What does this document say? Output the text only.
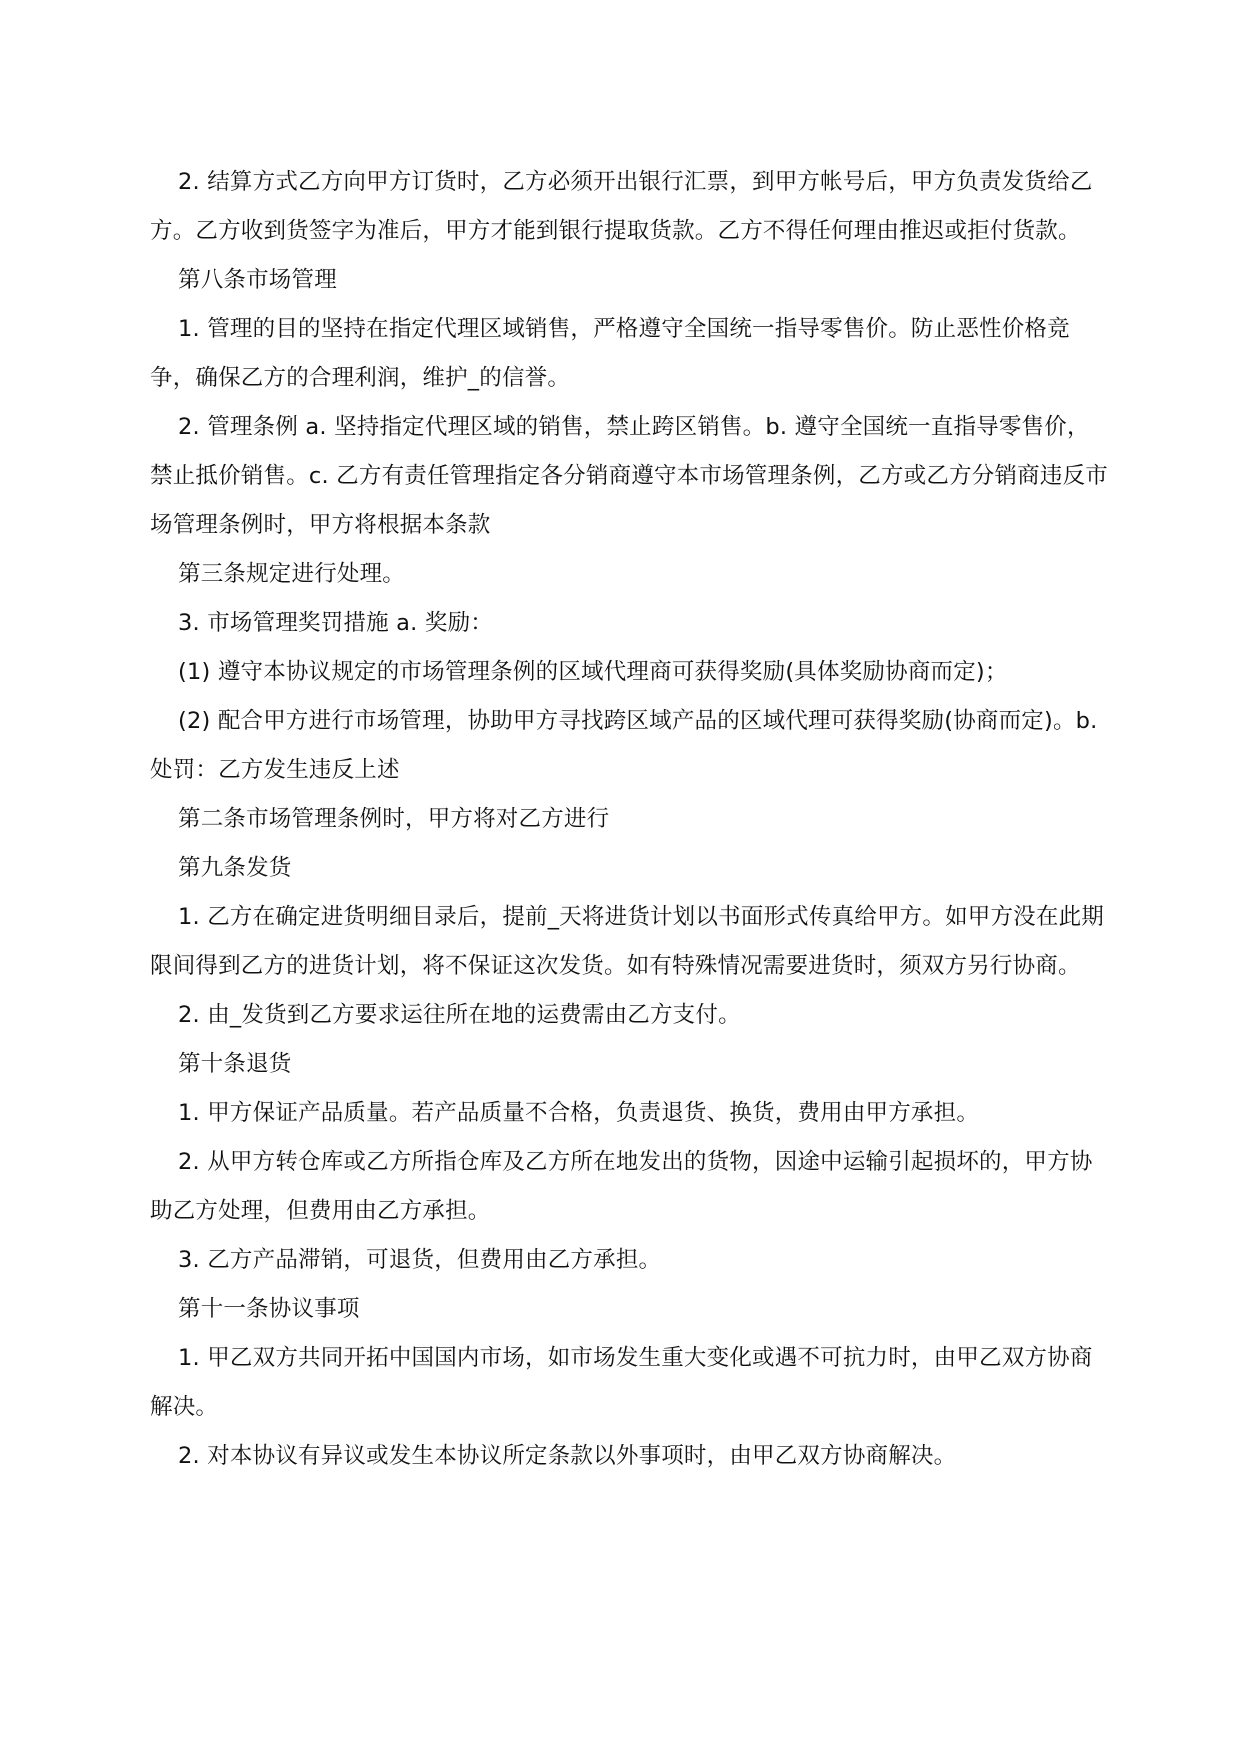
2. 结算方式乙方向甲方订货时，乙方必须开出银行汇票，到甲方帐号后，甲方负责发货给乙方。乙方收到货签字为准后，甲方才能到银行提取货款。乙方不得任何理由推迟或拒付货款。

第八条市场管理

1. 管理的目的坚持在指定代理区域销售，严格遵守全国统一指导零售价。防止恶性价格竞争，确保乙方的合理利润，维护_的信誉。

2. 管理条例 a. 坚持指定代理区域的销售，禁止跨区销售。b. 遵守全国统一直指导零售价，禁止抵价销售。c. 乙方有责任管理指定各分销商遵守本市场管理条例，乙方或乙方分销商违反市场管理条例时，甲方将根据本条款

第三条规定进行处理。

3. 市场管理奖罚措施 a. 奖励：

(1) 遵守本协议规定的市场管理条例的区域代理商可获得奖励(具体奖励协商而定)；

(2) 配合甲方进行市场管理，协助甲方寻找跨区域产品的区域代理可获得奖励(协商而定)。b. 处罚：乙方发生违反上述

第二条市场管理条例时，甲方将对乙方进行

第九条发货

1. 乙方在确定进货明细目录后，提前_天将进货计划以书面形式传真给甲方。如甲方没在此期限间得到乙方的进货计划，将不保证这次发货。如有特殊情况需要进货时，须双方另行协商。

2. 由_发货到乙方要求运往所在地的运费需由乙方支付。

第十条退货

1. 甲方保证产品质量。若产品质量不合格，负责退货、换货，费用由甲方承担。

2. 从甲方转仓库或乙方所指仓库及乙方所在地发出的货物，因途中运输引起损坏的，甲方协助乙方处理，但费用由乙方承担。

3. 乙方产品滞销，可退货，但费用由乙方承担。

第十一条协议事项

1. 甲乙双方共同开拓中国国内市场，如市场发生重大变化或遇不可抗力时，由甲乙双方协商解决。

2. 对本协议有异议或发生本协议所定条款以外事项时，由甲乙双方协商解决。
